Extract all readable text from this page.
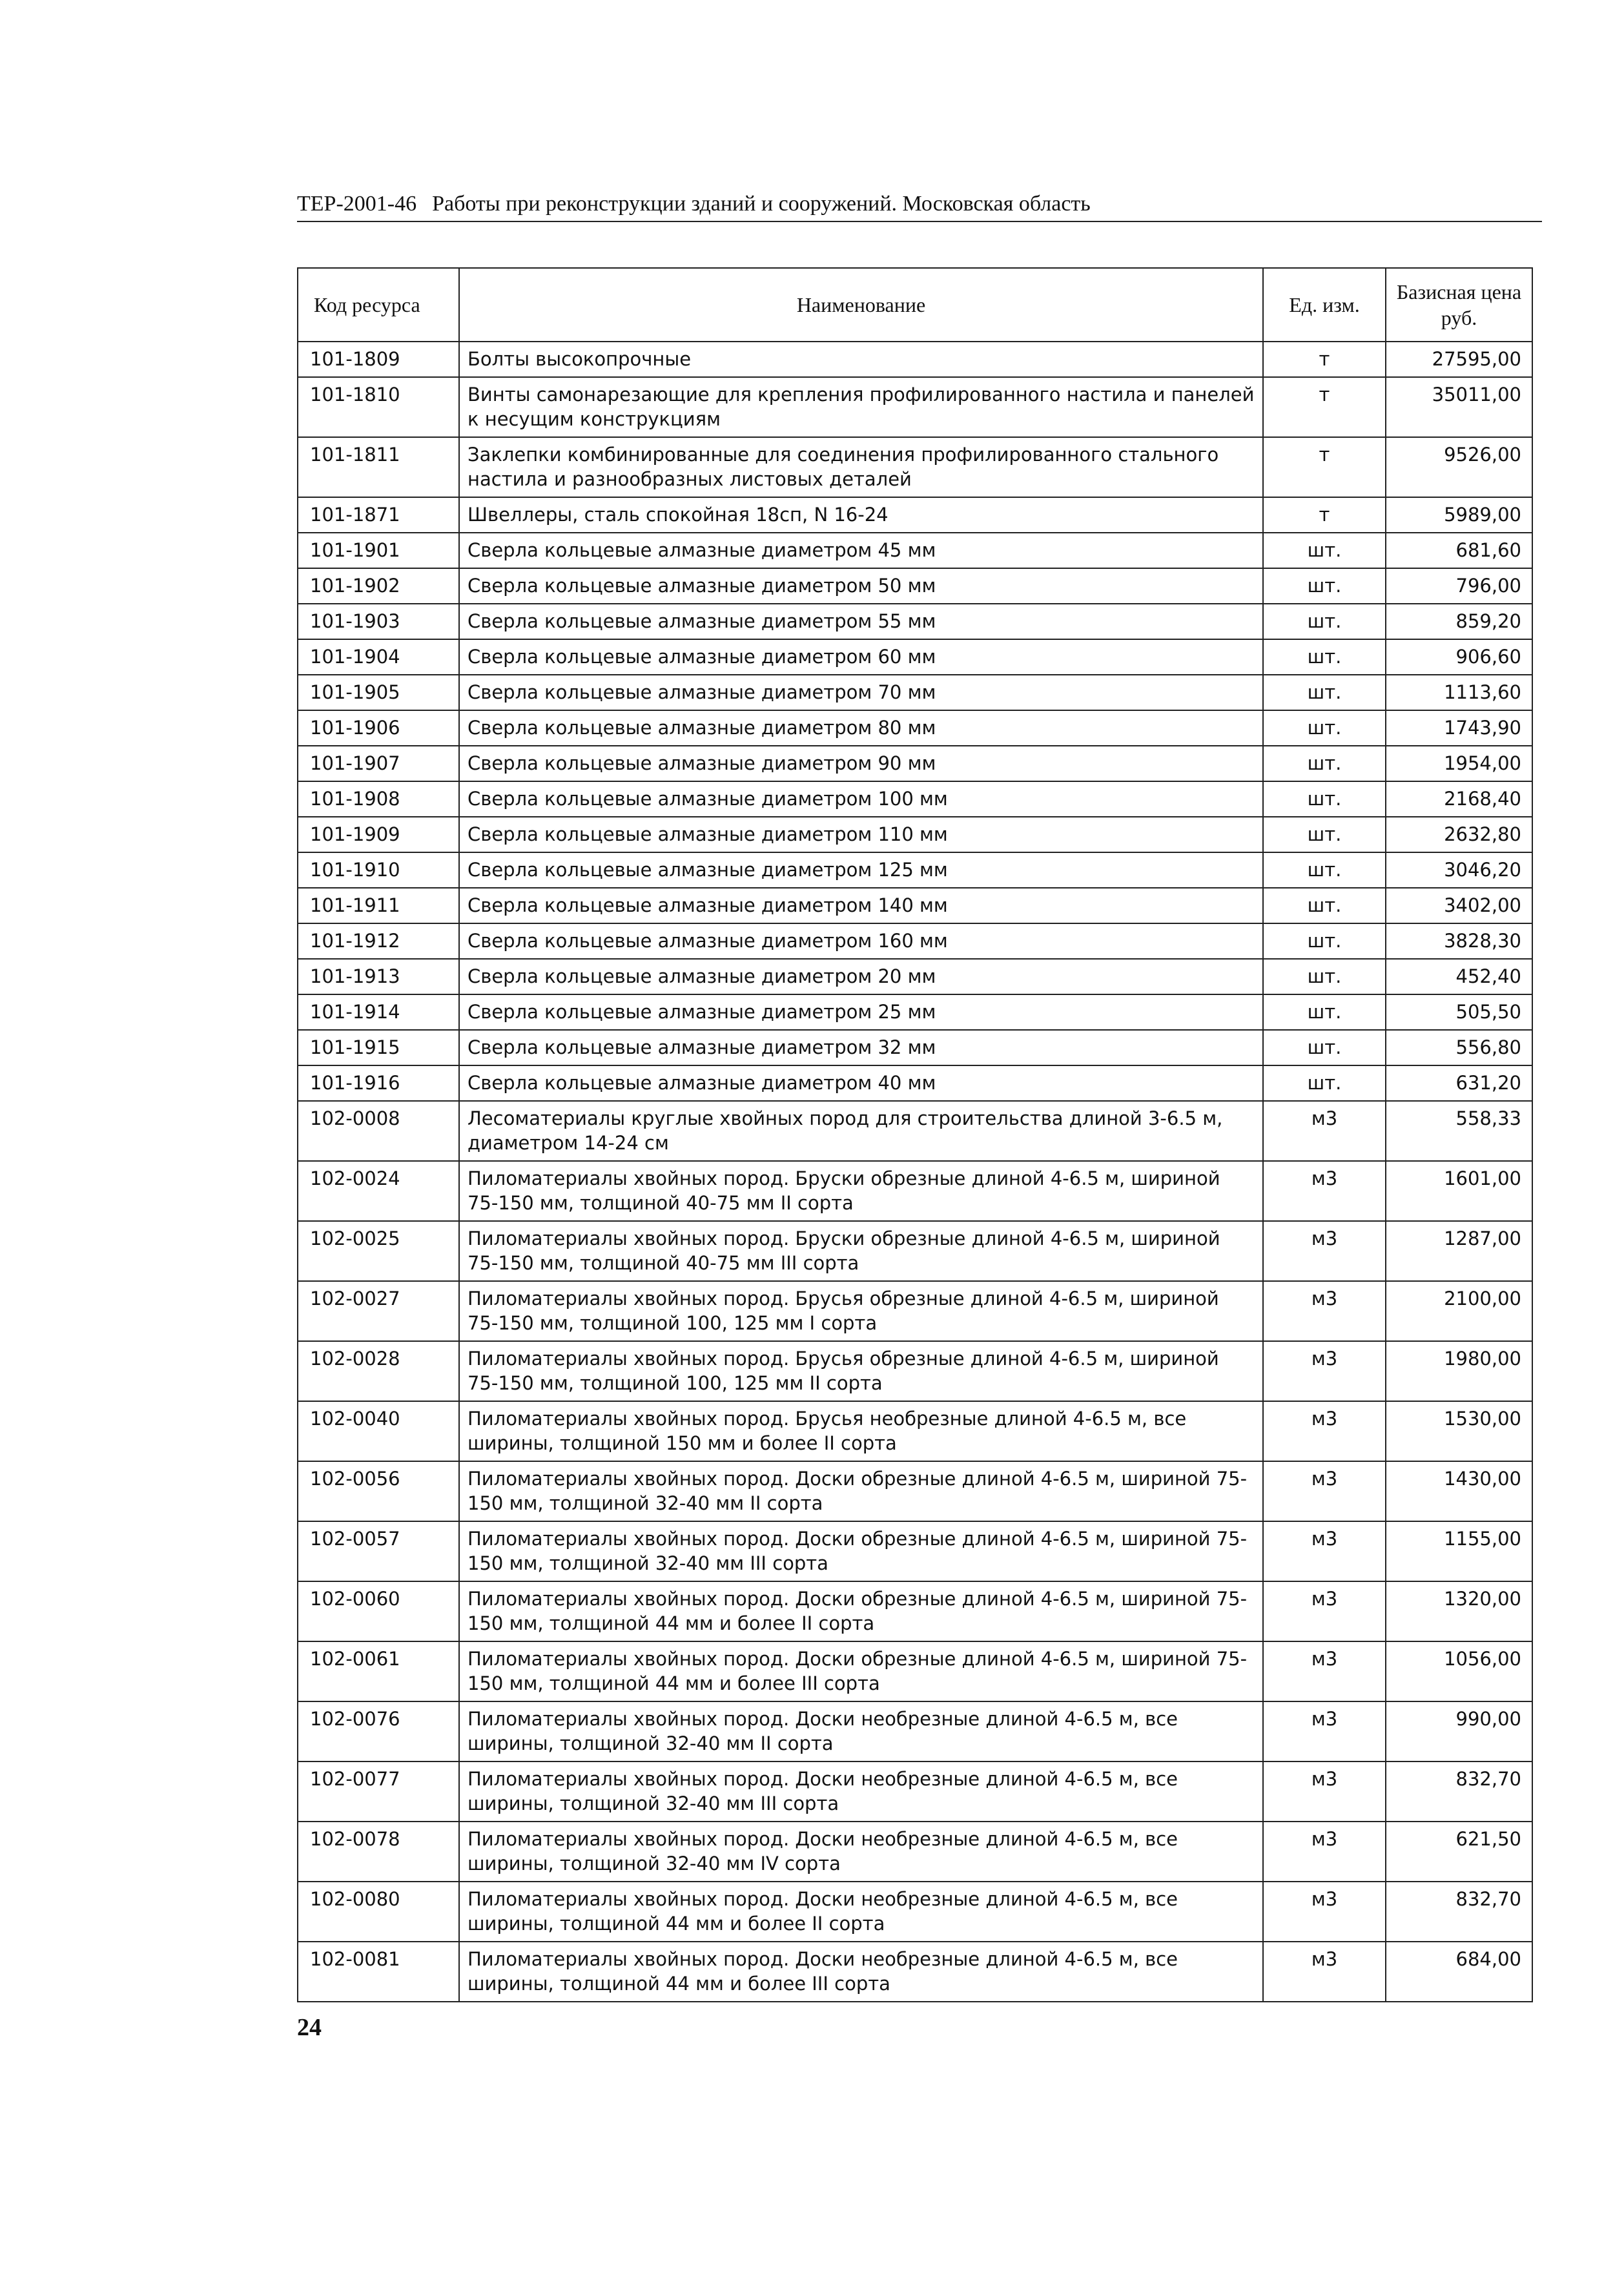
ТЕР-2001-46 Работы при реконструкции зданий и сооружений. Московская область
Код ресурса	Наименование	Ед. изм.	Базисная цена руб.
101-1809	Болты высокопрочные	т	27595,00
101-1810	Винты самонарезающие для крепления профилированного настила и панелей к несущим конструкциям	т	35011,00
101-1811	Заклепки комбинированные для соединения профилированного стального настила и разнообразных листовых деталей	т	9526,00
101-1871	Швеллеры, сталь спокойная 18сп, N 16-24	т	5989,00
101-1901	Сверла кольцевые алмазные диаметром 45 мм	шт.	681,60
101-1902	Сверла кольцевые алмазные диаметром 50 мм	шт.	796,00
101-1903	Сверла кольцевые алмазные диаметром 55 мм	шт.	859,20
101-1904	Сверла кольцевые алмазные диаметром 60 мм	шт.	906,60
101-1905	Сверла кольцевые алмазные диаметром 70 мм	шт.	1113,60
101-1906	Сверла кольцевые алмазные диаметром 80 мм	шт.	1743,90
101-1907	Сверла кольцевые алмазные диаметром 90 мм	шт.	1954,00
101-1908	Сверла кольцевые алмазные диаметром 100 мм	шт.	2168,40
101-1909	Сверла кольцевые алмазные диаметром 110 мм	шт.	2632,80
101-1910	Сверла кольцевые алмазные диаметром 125 мм	шт.	3046,20
101-1911	Сверла кольцевые алмазные диаметром 140 мм	шт.	3402,00
101-1912	Сверла кольцевые алмазные диаметром 160 мм	шт.	3828,30
101-1913	Сверла кольцевые алмазные диаметром 20 мм	шт.	452,40
101-1914	Сверла кольцевые алмазные диаметром 25 мм	шт.	505,50
101-1915	Сверла кольцевые алмазные диаметром 32 мм	шт.	556,80
101-1916	Сверла кольцевые алмазные диаметром 40 мм	шт.	631,20
102-0008	Лесоматериалы круглые хвойных пород для строительства длиной 3-6.5 м, диаметром 14-24 см	м3	558,33
102-0024	Пиломатериалы хвойных пород. Бруски обрезные длиной 4-6.5 м, шириной 75-150 мм, толщиной 40-75 мм II сорта	м3	1601,00
102-0025	Пиломатериалы хвойных пород. Бруски обрезные длиной 4-6.5 м, шириной 75-150 мм, толщиной 40-75 мм III сорта	м3	1287,00
102-0027	Пиломатериалы хвойных пород. Брусья обрезные длиной 4-6.5 м, шириной 75-150 мм, толщиной 100, 125 мм I сорта	м3	2100,00
102-0028	Пиломатериалы хвойных пород. Брусья обрезные длиной 4-6.5 м, шириной 75-150 мм, толщиной 100, 125 мм II сорта	м3	1980,00
102-0040	Пиломатериалы хвойных пород. Брусья необрезные длиной 4-6.5 м, все ширины, толщиной 150 мм и более II сорта	м3	1530,00
102-0056	Пиломатериалы хвойных пород. Доски обрезные длиной 4-6.5 м, шириной 75-150 мм, толщиной 32-40 мм II сорта	м3	1430,00
102-0057	Пиломатериалы хвойных пород. Доски обрезные длиной 4-6.5 м, шириной 75-150 мм, толщиной 32-40 мм III сорта	м3	1155,00
102-0060	Пиломатериалы хвойных пород. Доски обрезные длиной 4-6.5 м, шириной 75-150 мм, толщиной 44 мм и более II сорта	м3	1320,00
102-0061	Пиломатериалы хвойных пород. Доски обрезные длиной 4-6.5 м, шириной 75-150 мм, толщиной 44 мм и более III сорта	м3	1056,00
102-0076	Пиломатериалы хвойных пород. Доски необрезные длиной 4-6.5 м, все ширины, толщиной 32-40 мм II сорта	м3	990,00
102-0077	Пиломатериалы хвойных пород. Доски необрезные длиной 4-6.5 м, все ширины, толщиной 32-40 мм III сорта	м3	832,70
102-0078	Пиломатериалы хвойных пород. Доски необрезные длиной 4-6.5 м, все ширины, толщиной 32-40 мм IV сорта	м3	621,50
102-0080	Пиломатериалы хвойных пород. Доски необрезные длиной 4-6.5 м, все ширины, толщиной 44 мм и более II сорта	м3	832,70
102-0081	Пиломатериалы хвойных пород. Доски необрезные длиной 4-6.5 м, все ширины, толщиной 44 мм и более III сорта	м3	684,00
24
